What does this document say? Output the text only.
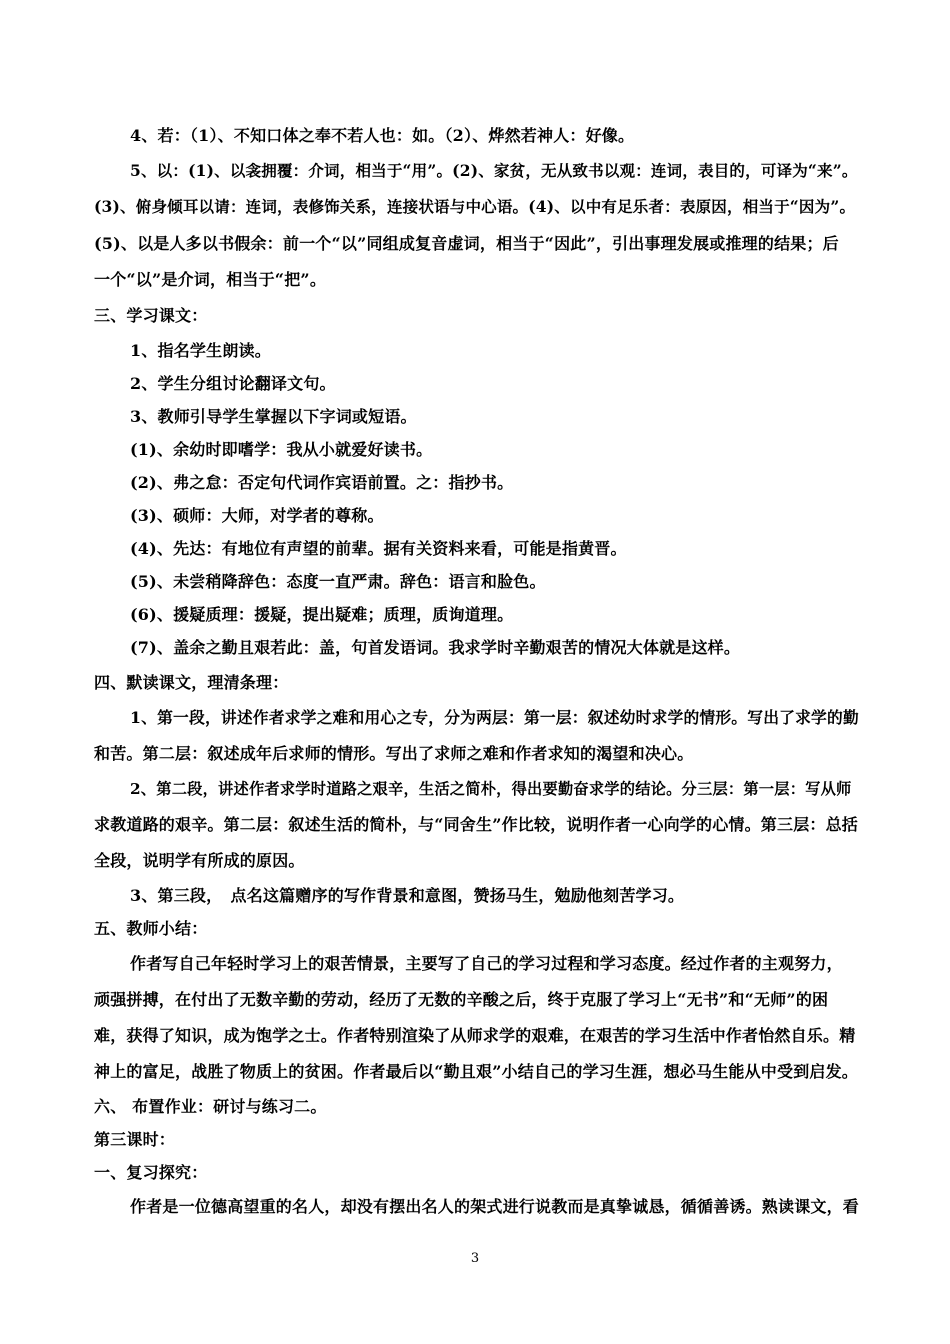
4、若：（1）、不知口体之奉不若人也：如。（2）、烨然若神人：好像。
5、以：(1)、以衾拥覆：介词，相当于“用”。(2)、家贫，无从致书以观：连词，表目的，可译为“来”。
(3)、俯身倾耳以请：连词，表修饰关系，连接状语与中心语。(4)、以中有足乐者：表原因，相当于“因为”。
(5)、以是人多以书假余：前一个“以”同组成复音虚词，相当于“因此”，引出事理发展或推理的结果；后
一个“以”是介词，相当于“把”。
三、学习课文：
1、指名学生朗读。
2、学生分组讨论翻译文句。
3、教师引导学生掌握以下字词或短语。
(1)、余幼时即嗜学：我从小就爱好读书。
(2)、弗之怠：否定句代词作宾语前置。之：指抄书。
(3)、硕师：大师，对学者的尊称。
(4)、先达：有地位有声望的前辈。据有关资料来看，可能是指黄晋。
(5)、未尝稍降辞色：态度一直严肃。辞色：语言和脸色。
(6)、援疑质理：援疑，提出疑难；质理，质询道理。
(7)、盖余之勤且艰若此：盖，句首发语词。我求学时辛勤艰苦的情况大体就是这样。
四、默读课文，理清条理：
1、第一段，讲述作者求学之难和用心之专，分为两层：第一层：叙述幼时求学的情形。写出了求学的勤
和苦。第二层：叙述成年后求师的情形。写出了求师之难和作者求知的渴望和决心。
2、第二段，讲述作者求学时道路之艰辛，生活之简朴，得出要勤奋求学的结论。分三层：第一层：写从师
求教道路的艰辛。第二层：叙述生活的简朴，与“同舍生”作比较，说明作者一心向学的心情。第三层：总括
全段，说明学有所成的原因。
3、第三段，　点名这篇赠序的写作背景和意图，赞扬马生，勉励他刻苦学习。
五、教师小结：
作者写自己年轻时学习上的艰苦情景，主要写了自己的学习过程和学习态度。经过作者的主观努力，
顽强拼搏，在付出了无数辛勤的劳动，经历了无数的辛酸之后，终于克服了学习上“无书”和“无师”的困
难，获得了知识，成为饱学之士。作者特别渲染了从师求学的艰难，在艰苦的学习生活中作者怡然自乐。精
神上的富足，战胜了物质上的贫困。作者最后以“勤且艰”小结自己的学习生涯，想必马生能从中受到启发。
六、 布置作业：研讨与练习二。
第三课时：
一、复习探究：
作者是一位德高望重的名人，却没有摆出名人的架式进行说教而是真挚诚恳，循循善诱。熟读课文，看
3
